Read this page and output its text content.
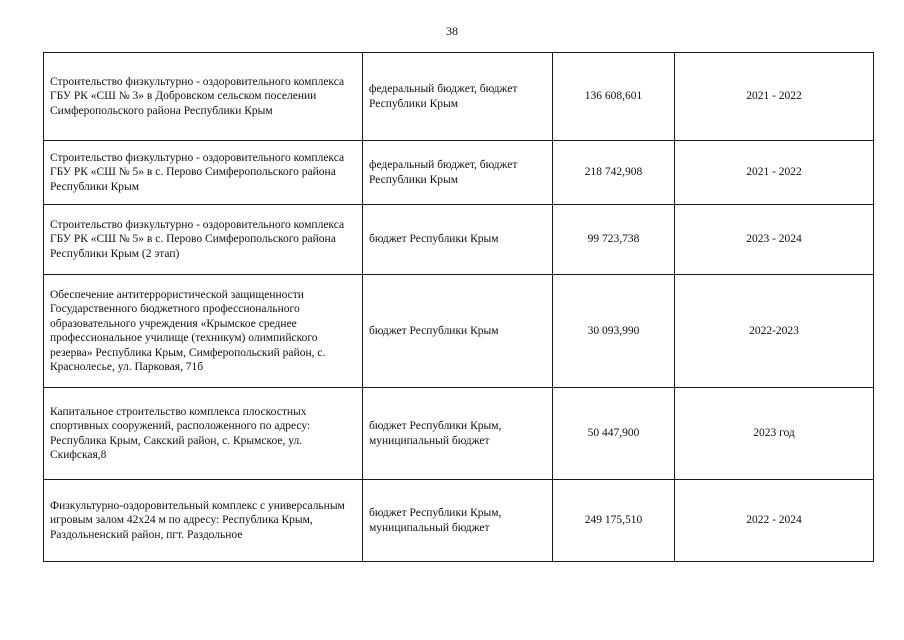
38
Строительство физкультурно - оздоровительного комплекса ГБУ РК «СШ № 3» в Добровском сельском поселении Симферопольского района Республики Крым	федеральный бюджет, бюджет Республики Крым	136 608,601	2021 - 2022
Строительство физкультурно - оздоровительного комплекса ГБУ РК «СШ № 5» в с. Перово Симферопольского района Республики Крым	федеральный бюджет, бюджет Республики Крым	218 742,908	2021 - 2022
Строительство физкультурно - оздоровительного комплекса ГБУ РК «СШ № 5» в с. Перово Симферопольского района Республики Крым (2 этап)	бюджет Республики Крым	99 723,738	2023 - 2024
Обеспечение антитеррористической защищенности Государственного бюджетного профессионального образовательного учреждения «Крымское среднее профессиональное училище (техникум) олимпийского резерва» Республика Крым, Симферопольский район, с. Краснолесье, ул. Парковая, 71б	бюджет Республики Крым	30 093,990	2022-2023
Капитальное строительство комплекса плоскостных спортивных сооружений, расположенного по адресу: Республика Крым, Сакский район, с. Крымское, ул. Скифская,8	бюджет Республики Крым, муниципальный бюджет	50 447,900	2023 год
Физкультурно-оздоровительный комплекс с универсальным игровым залом 42x24 м по адресу: Республика Крым, Раздольненский район, пгт. Раздольное	бюджет Республики Крым, муниципальный бюджет	249 175,510	2022 - 2024
